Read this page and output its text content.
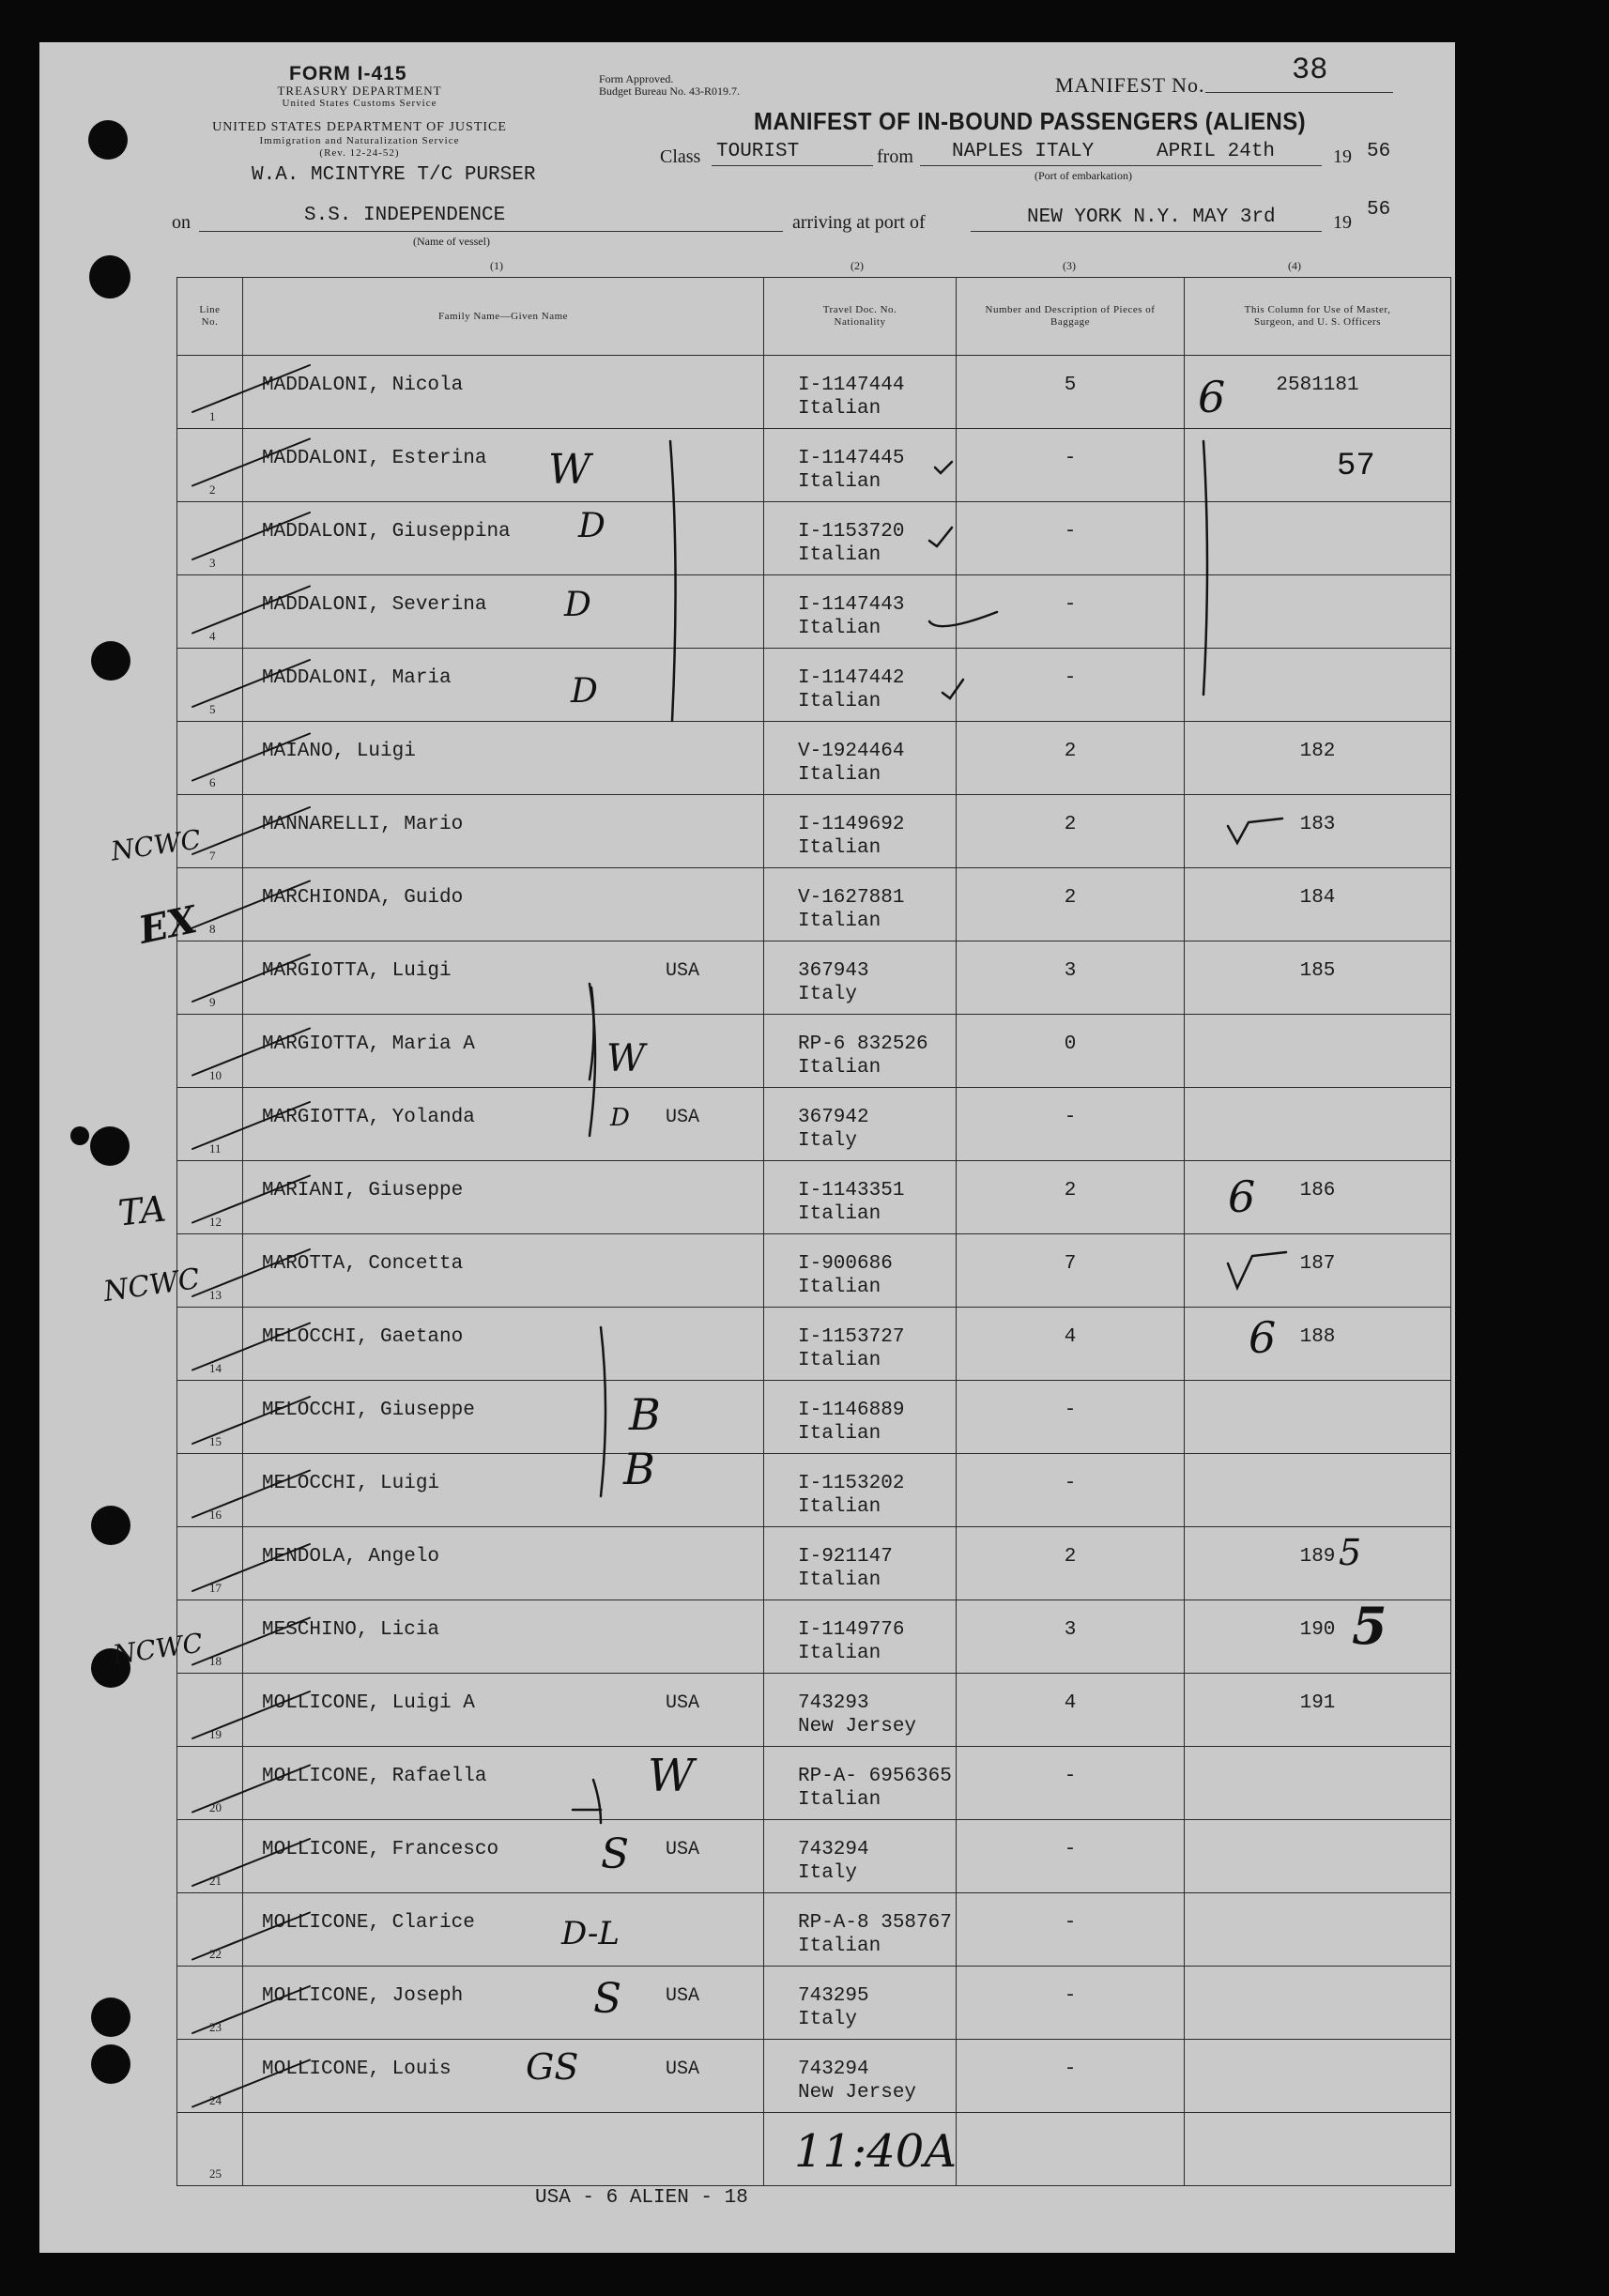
FORM I-415
TREASURY DEPARTMENT
United States Customs Service
Form Approved.
Budget Bureau No. 43-R019.7.
UNITED STATES DEPARTMENT OF JUSTICE
Immigration and Naturalization Service
(Rev. 12-24-52)
W.A. MCINTYRE T/C PURSER
MANIFEST No.	38
MANIFEST OF IN-BOUND PASSENGERS (ALIENS)
Class TOURIST	from NAPLES ITALY	APRIL 24th	19 56
(Port of embarkation)
on	S.S. INDEPENDENCE
(Name of vessel)
arriving at port of	NEW YORK N.Y. MAY 3rd	19
56
(1)	(2)	(3)	(4)
Line No.	Family Name—Given Name	Travel Doc. No. Nationality	Number and Description of Pieces of Baggage	This Column for Use of Master, Surgeon, and U. S. Officers

1	MADDALONI, Nicola	I-1147444
Italian	5	2581181

2	MADDALONI, Esterina	I-1147445
Italian	-	

3	MADDALONI, Giuseppina	I-1153720
Italian	-	

4	MADDALONI, Severina	I-1147443
Italian	-	

5	MADDALONI, Maria	I-1147442
Italian	-	

6	MAIANO, Luigi	V-1924464
Italian	2	182

7	MANNARELLI, Mario	I-1149692
Italian	2	183

8	MARCHIONDA, Guido	V-1627881
Italian	2	184

9	MARGIOTTA, Luigi USA	367943
Italy	3	185

10	MARGIOTTA, Maria A	RP-6 832526
Italian	0	

11	MARGIOTTA, Yolanda USA	367942
Italy	-	

12	MARIANI, Giuseppe	I-1143351
Italian	2	186

13	MAROTTA, Concetta	I-900686
Italian	7	187

14	MELOCCHI, Gaetano	I-1153727
Italian	4	188

15	MELOCCHI, Giuseppe	I-1146889
Italian	-	

16	MELOCCHI, Luigi	I-1153202
Italian	-	

17	MENDOLA, Angelo	I-921147
Italian	2	189

18	MESCHINO, Licia	I-1149776
Italian	3	190

19	MOLLICONE, Luigi A USA	743293
New Jersey	4	191

20	MOLLICONE, Rafaella	RP-A- 6956365
Italian	-	

21	MOLLICONE, Francesco USA	743294
Italy	-	

22	MOLLICONE, Clarice	RP-A-8 358767
Italian	-	

23	MOLLICONE, Joseph USA	743295
Italy	-	

24	MOLLICONE, Louis USA	743294
New Jersey	-	

25				

USA - 6 ALIEN - 18
NCWC
EX
TA
NCWC
NCWC
W
D
D
D
W
D
B
B
S
D-L
S
GS
W
6
57
6
6
5
5
11:40A
